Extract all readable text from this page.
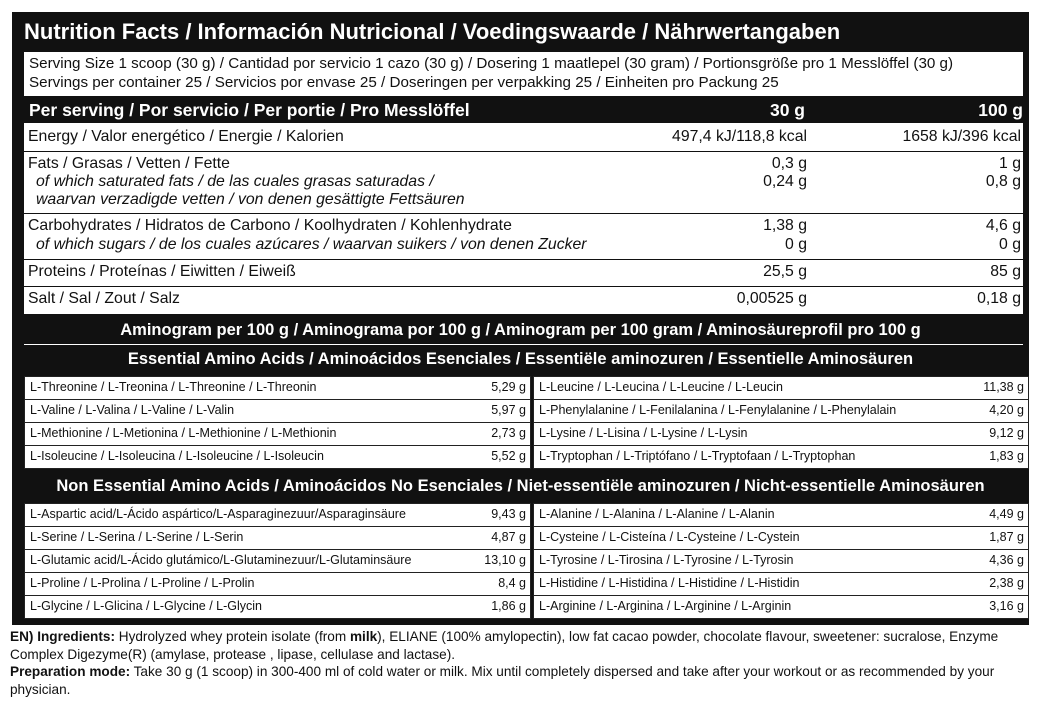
Nutrition Facts / Información Nutricional / Voedingswaarde / Nährwertangaben
Serving Size 1 scoop (30 g) / Cantidad por servicio 1 cazo (30 g) / Dosering 1 maatlepel (30 gram) / Portionsgröße pro 1 Messlöffel (30 g)
Servings per container 25 / Servicios por envase 25 / Doseringen per verpakking 25 / Einheiten pro Packung 25
Per serving / Por servicio / Per portie / Pro Messlöffel	30 g	100 g
Energy / Valor energético / Energie / Kalorien	497,4 kJ/118,8 kcal	1658 kJ/396 kcal
Fats / Grasas / Vetten / Fette	0,3 g	1 g
of which saturated fats / de las cuales grasas saturadas /
waarvan verzadigde vetten / von denen gesättigte Fettsäuren
0,24 g	0,8 g
Carbohydrates / Hidratos de Carbono / Koolhydraten / Kohlenhydrate	1,38 g	4,6 g
of which sugars / de los cuales azúcares / waarvan suikers / von denen Zucker	0 g	0 g
Proteins / Proteínas / Eiwitten / Eiweiß	25,5 g	85 g
Salt / Sal / Zout / Salz	0,00525 g	0,18 g
Aminogram per 100 g / Aminograma por 100 g / Aminogram per 100 gram / Aminosäureprofil pro 100 g
Essential Amino Acids / Aminoácidos Esenciales / Essentiële aminozuren / Essentielle Aminosäuren
L-Threonine / L-Treonina / L-Threonine / L-Threonin	5,29 g L-Leucine / L-Leucina / L-Leucine / L-Leucin	11,38 g
L-Valine / L-Valina / L-Valine / L-Valin	5,97 g L-Phenylalanine / L-Fenilalanina / L-Fenylalanine / L-Phenylalain	4,20 g
L-Methionine / L-Metionina / L-Methionine / L-Methionin	2,73 g L-Lysine / L-Lisina / L-Lysine / L-Lysin	9,12 g
L-Isoleucine / L-Isoleucina / L-Isoleucine / L-Isoleucin	5,52 g L-Tryptophan / L-Triptófano / L-Tryptofaan / L-Tryptophan	1,83 g
Non Essential Amino Acids / Aminoácidos No Esenciales / Niet-essentiële aminozuren / Nicht-essentielle Aminosäuren
L-Aspartic acid/L-Ácido aspártico/L-Asparaginezuur/Asparaginsäure	9,43 g L-Alanine / L-Alanina / L-Alanine / L-Alanin	4,49 g
L-Serine / L-Serina / L-Serine / L-Serin	4,87 g L-Cysteine / L-Cisteína / L-Cysteine / L-Cystein	1,87 g
L-Glutamic acid/L-Ácido glutámico/L-Glutaminezuur/L-Glutaminsäure	13,10 g L-Tyrosine / L-Tirosina / L-Tyrosine / L-Tyrosin	4,36 g
L-Proline / L-Prolina / L-Proline / L-Prolin	8,4 g L-Histidine / L-Histidina / L-Histidine / L-Histidin	2,38 g
L-Glycine / L-Glicina / L-Glycine / L-Glycin	1,86 g L-Arginine / L-Arginina / L-Arginine / L-Arginin	3,16 g
EN) Ingredients: Hydrolyzed whey protein isolate (from milk), ELIANE (100% amylopectin), low fat cacao powder, chocolate flavour, sweetener: sucralose, Enzyme Complex Digezyme(R) (amylase, protease , lipase, cellulase and lactase).
Preparation mode: Take 30 g (1 scoop) in 300-400 ml of cold water or milk. Mix until completely dispersed and take after your workout or as recommended by your physician.
